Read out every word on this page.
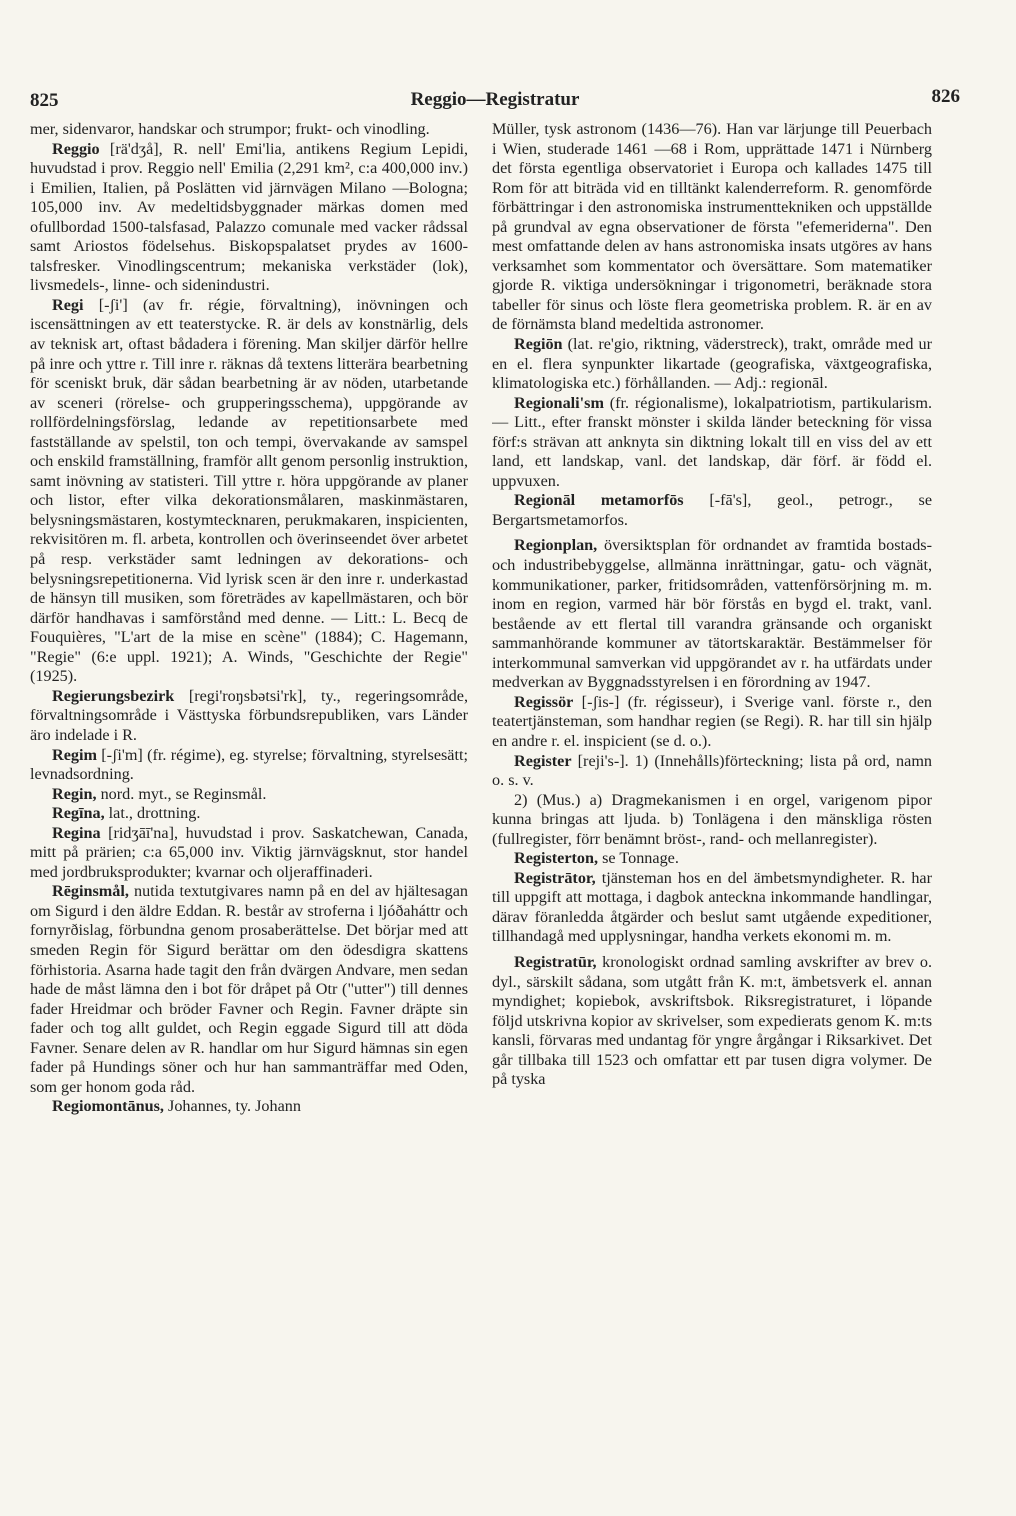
825	Reggio—Registratur	826

mer, sidenvaror, handskar och strumpor; frukt- och vinodling.

Reggio [rä'dʒå], R. nell' Emi'lia, antikens Regium Lepidi, huvudstad i prov. Reggio nell' Emilia (2,291 km², c:a 400,000 inv.) i Emilien, Italien, på Poslätten vid järnvägen Milano —Bologna; 105,000 inv. Av medeltidsbyggnader märkas domen med ofullbordad 1500-talsfasad, Palazzo comunale med vacker rådssal samt Ariostos födelsehus. Biskopspalatset prydes av 1600-talsfresker. Vinodlingscentrum; mekaniska verkstäder (lok), livsmedels-, linne- och sidenindustri.

Regi [-ʃi'] (av fr. régie, förvaltning), inövningen och iscensättningen av ett teaterstycke. R. är dels av konstnärlig, dels av teknisk art, oftast bådadera i förening. Man skiljer därför hellre på inre och yttre r. Till inre r. räknas då textens litterära bearbetning för sceniskt bruk, där sådan bearbetning är av nöden, utarbetande av sceneri (rörelse- och grupperingsschema), uppgörande av rollfördelningsförslag, ledande av repetitionsarbete med fastställande av spelstil, ton och tempi, övervakande av samspel och enskild framställning, framför allt genom personlig instruktion, samt inövning av statisteri. Till yttre r. höra uppgörande av planer och listor, efter vilka dekorationsmålaren, maskinmästaren, belysningsmästaren, kostymtecknaren, perukmakaren, inspicienten, rekvisitören m. fl. arbeta, kontrollen och överinseendet över arbetet på resp. verkstäder samt ledningen av dekorations- och belysningsrepetitionerna. Vid lyrisk scen är den inre r. underkastad de hänsyn till musiken, som företrädes av kapellmästaren, och bör därför handhavas i samförstånd med denne. — Litt.: L. Becq de Fouquières, "L'art de la mise en scène" (1884); C. Hagemann, "Regie" (6:e uppl. 1921); A. Winds, "Geschichte der Regie" (1925).

Regierungsbezirk [regi'roŋsbətsi'rk], ty., regeringsområde, förvaltningsområde i Västtyska förbundsrepubliken, vars Länder äro indelade i R.

Regim [-ʃi'm] (fr. régime), eg. styrelse; förvaltning, styrelsesätt; levnadsordning.

Regin, nord. myt., se Reginsmål.

Regīna, lat., drottning.

Regina [ridʒāī'na], huvudstad i prov. Saskatchewan, Canada, mitt på prärien; c:a 65,000 inv. Viktig järnvägsknut, stor handel med jordbruksprodukter; kvarnar och oljeraffinaderi.

Rēginsmål, nutida textutgivares namn på en del av hjältesagan om Sigurd i den äldre Eddan. R. består av stroferna i ljóðaháttr och fornyrðislag, förbundna genom prosaberättelse. Det börjar med att smeden Regin för Sigurd berättar om den ödesdigra skattens förhistoria. Asarna hade tagit den från dvärgen Andvare, men sedan hade de måst lämna den i bot för dråpet på Otr ("utter") till dennes fader Hreidmar och bröder Favner och Regin. Favner dräpte sin fader och tog allt guldet, och Regin eggade Sigurd till att döda Favner. Senare delen av R. handlar om hur Sigurd hämnas sin egen fader på Hundings söner och hur han sammanträffar med Oden, som ger honom goda råd.

Regiomontānus, Johannes, ty. Johann

Müller, tysk astronom (1436—76). Han var lärjunge till Peuerbach i Wien, studerade 1461 —68 i Rom, upprättade 1471 i Nürnberg det första egentliga observatoriet i Europa och kallades 1475 till Rom för att biträda vid en tilltänkt kalenderreform. R. genomförde förbättringar i den astronomiska instrumenttekniken och uppställde på grundval av egna observationer de första "efemeriderna". Den mest omfattande delen av hans astronomiska insats utgöres av hans verksamhet som kommentator och översättare. Som matematiker gjorde R. viktiga undersökningar i trigonometri, beräknade stora tabeller för sinus och löste flera geometriska problem. R. är en av de förnämsta bland medeltida astronomer.

Regiōn (lat. re'gio, riktning, väderstreck), trakt, område med ur en el. flera synpunkter likartade (geografiska, växtgeografiska, klimatologiska etc.) förhållanden. — Adj.: regionāl.

Regionali'sm (fr. régionalisme), lokalpatriotism, partikularism. — Litt., efter franskt mönster i skilda länder beteckning för vissa förf:s strävan att anknyta sin diktning lokalt till en viss del av ett land, ett landskap, vanl. det landskap, där förf. är född el. uppvuxen.

Regionāl metamorfōs [-fā's], geol., petrogr., se Bergartsmetamorfos.

Regionplan, översiktsplan för ordnandet av framtida bostads- och industribebyggelse, allmänna inrättningar, gatu- och vägnät, kommunikationer, parker, fritidsområden, vattenförsörjning m. m. inom en region, varmed här bör förstås en bygd el. trakt, vanl. bestående av ett flertal till varandra gränsande och organiskt sammanhörande kommuner av tätortskaraktär. Bestämmelser för interkommunal samverkan vid uppgörandet av r. ha utfärdats under medverkan av Byggnadsstyrelsen i en förordning av 1947.

Regissör [-ʃis-] (fr. régisseur), i Sverige vanl. förste r., den teatertjänsteman, som handhar regien (se Regi). R. har till sin hjälp en andre r. el. inspicient (se d. o.).

Register [reji's-]. 1) (Innehålls)förteckning; lista på ord, namn o. s. v.

2) (Mus.) a) Dragmekanismen i en orgel, varigenom pipor kunna bringas att ljuda. b) Tonlägena i den mänskliga rösten (fullregister, förr benämnt bröst-, rand- och mellanregister).

Registerton, se Tonnage.

Registrātor, tjänsteman hos en del ämbetsmyndigheter. R. har till uppgift att mottaga, i dagbok anteckna inkommande handlingar, därav föranledda åtgärder och beslut samt utgående expeditioner, tillhandagå med upplysningar, handha verkets ekonomi m. m.

Registratūr, kronologiskt ordnad samling avskrifter av brev o. dyl., särskilt sådana, som utgått från K. m:t, ämbetsverk el. annan myndighet; kopiebok, avskriftsbok. Riksregistraturet, i löpande följd utskrivna kopior av skrivelser, som expedierats genom K. m:ts kansli, förvaras med undantag för yngre årgångar i Riksarkivet. Det går tillbaka till 1523 och omfattar ett par tusen digra volymer. De på tyska
